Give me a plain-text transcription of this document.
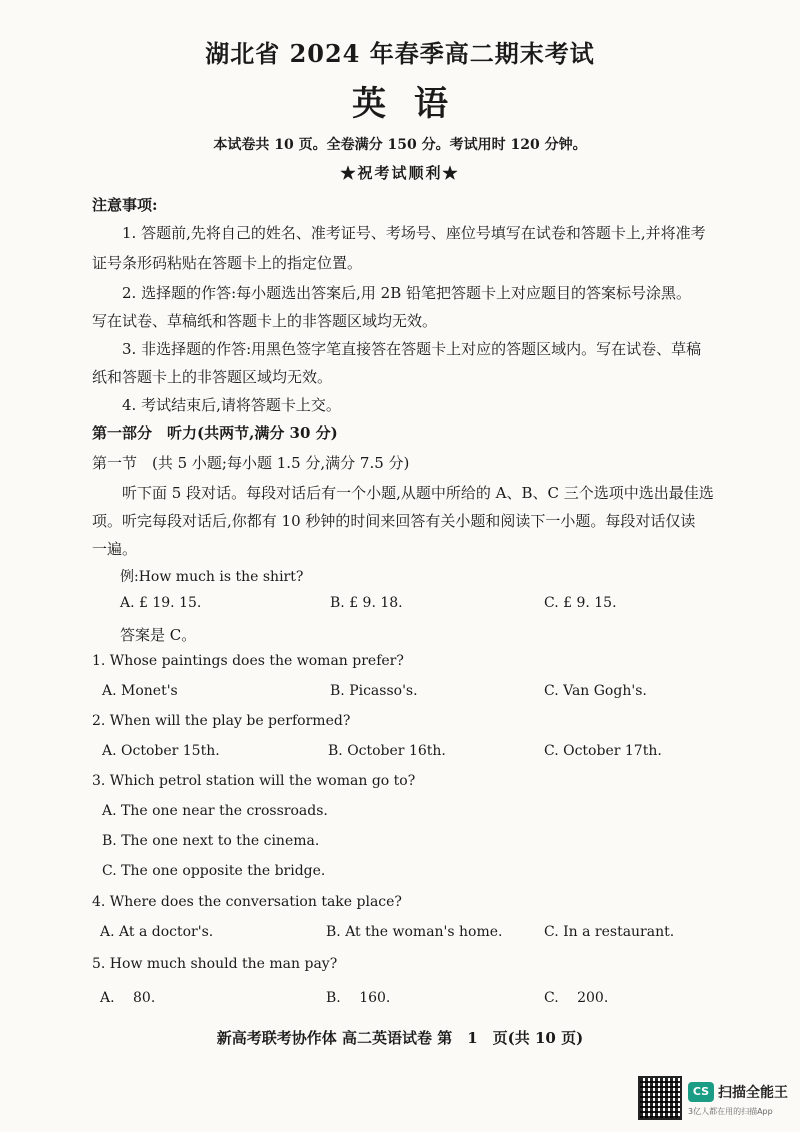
湖北省 2024 年春季高二期末考试
英语
本试卷共 10 页。全卷满分 150 分。考试用时 120 分钟。
★祝考试顺利★
注意事项:
1. 答题前,先将自己的姓名、准考证号、考场号、座位号填写在试卷和答题卡上,并将准考
证号条形码粘贴在答题卡上的指定位置。
2. 选择题的作答:每小题选出答案后,用 2B 铅笔把答题卡上对应题目的答案标号涂黑。
写在试卷、草稿纸和答题卡上的非答题区域均无效。
3. 非选择题的作答:用黑色签字笔直接答在答题卡上对应的答题区域内。写在试卷、草稿
纸和答题卡上的非答题区域均无效。
4. 考试结束后,请将答题卡上交。
第一部分　听力(共两节,满分 30 分)
第一节　(共 5 小题;每小题 1.5 分,满分 7.5 分)
听下面 5 段对话。每段对话后有一个小题,从题中所给的 A、B、C 三个选项中选出最佳选
项。听完每段对话后,你都有 10 秒钟的时间来回答有关小题和阅读下一小题。每段对话仅读
一遍。
例:How much is the shirt?
A. £ 19. 15.	B. £ 9. 18.	C. £ 9. 15.
答案是 C。
1. Whose paintings does the woman prefer?
A. Monet's	B. Picasso's.	C. Van Gogh's.
2. When will the play be performed?
A. October 15th.	B. October 16th.	C. October 17th.
3. Which petrol station will the woman go to?
A. The one near the crossroads.
B. The one next to the cinema.
C. The one opposite the bridge.
4. Where does the conversation take place?
A. At a doctor's.	B. At the woman's home.	C. In a restaurant.
5. How much should the man pay?
A.　 80.	B.　 160.	C.　 200.
新高考联考协作体 高二英语试卷 第　1　页(共 10 页)
CS 扫描全能王
3亿人都在用的扫描App
